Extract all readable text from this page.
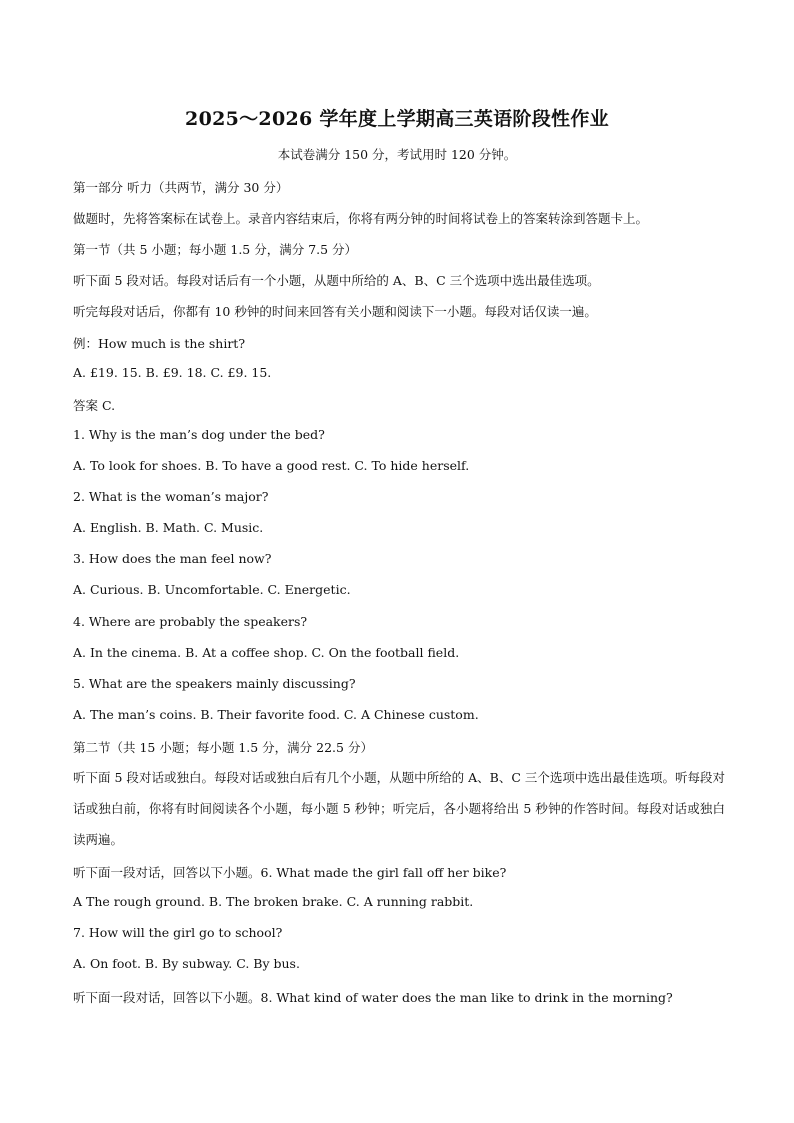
2025～2026 学年度上学期高三英语阶段性作业
本试卷满分 150 分，考试用时 120 分钟。
第一部分 听力（共两节，满分 30 分）
做题时，先将答案标在试卷上。录音内容结束后，你将有两分钟的时间将试卷上的答案转涂到答题卡上。
第一节（共 5 小题；每小题 1.5 分，满分 7.5 分）
听下面 5 段对话。每段对话后有一个小题，从题中所给的 A、B、C 三个选项中选出最佳选项。
听完每段对话后，你都有 10 秒钟的时间来回答有关小题和阅读下一小题。每段对话仅读一遍。
例：How much is the shirt?
A. £19. 15. B. £9. 18. C. £9. 15.
答案 C.
1. Why is the man’s dog under the bed?
A. To look for shoes. B. To have a good rest. C. To hide herself.
2. What is the woman’s major?
A. English. B. Math. C. Music.
3. How does the man feel now?
A. Curious. B. Uncomfortable. C. Energetic.
4. Where are probably the speakers?
A. In the cinema. B. At a coffee shop. C. On the football field.
5. What are the speakers mainly discussing?
A. The man’s coins. B. Their favorite food. C. A Chinese custom.
第二节（共 15 小题；每小题 1.5 分，满分 22.5 分）
听下面 5 段对话或独白。每段对话或独白后有几个小题，从题中所给的 A、B、C 三个选项中选出最佳选项。听每段对话或独白前，你将有时间阅读各个小题，每小题 5 秒钟；听完后，各小题将给出 5 秒钟的作答时间。每段对话或独白读两遍。
听下面一段对话，回答以下小题。6. What made the girl fall off her bike?
A The rough ground. B. The broken brake. C. A running rabbit.
7. How will the girl go to school?
A. On foot. B. By subway. C. By bus.
听下面一段对话，回答以下小题。8. What kind of water does the man like to drink in the morning?
